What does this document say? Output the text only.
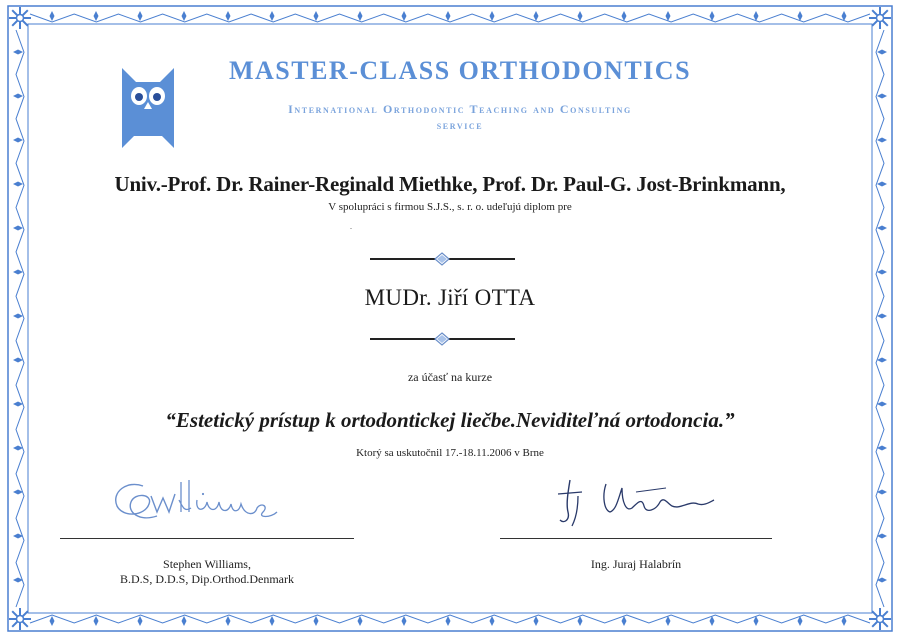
MASTER-CLASS ORTHODONTICS
International Orthodontic Teaching and Consulting
service
Univ.-Prof. Dr. Rainer-Reginald Miethke, Prof. Dr. Paul-G. Jost-Brinkmann,
V spolupráci s firmou S.J.S., s. r. o. udeľujú diplom pre
.
MUDr. Jiří OTTA
za účasť na kurze
“Estetický prístup k ortodontickej liečbe.Neviditeľná ortodoncia.”
Ktorý sa uskutočnil 17.-18.11.2006 v Brne
Stephen Williams,
B.D.S, D.D.S, Dip.Orthod.Denmark
Ing. Juraj Halabrín
